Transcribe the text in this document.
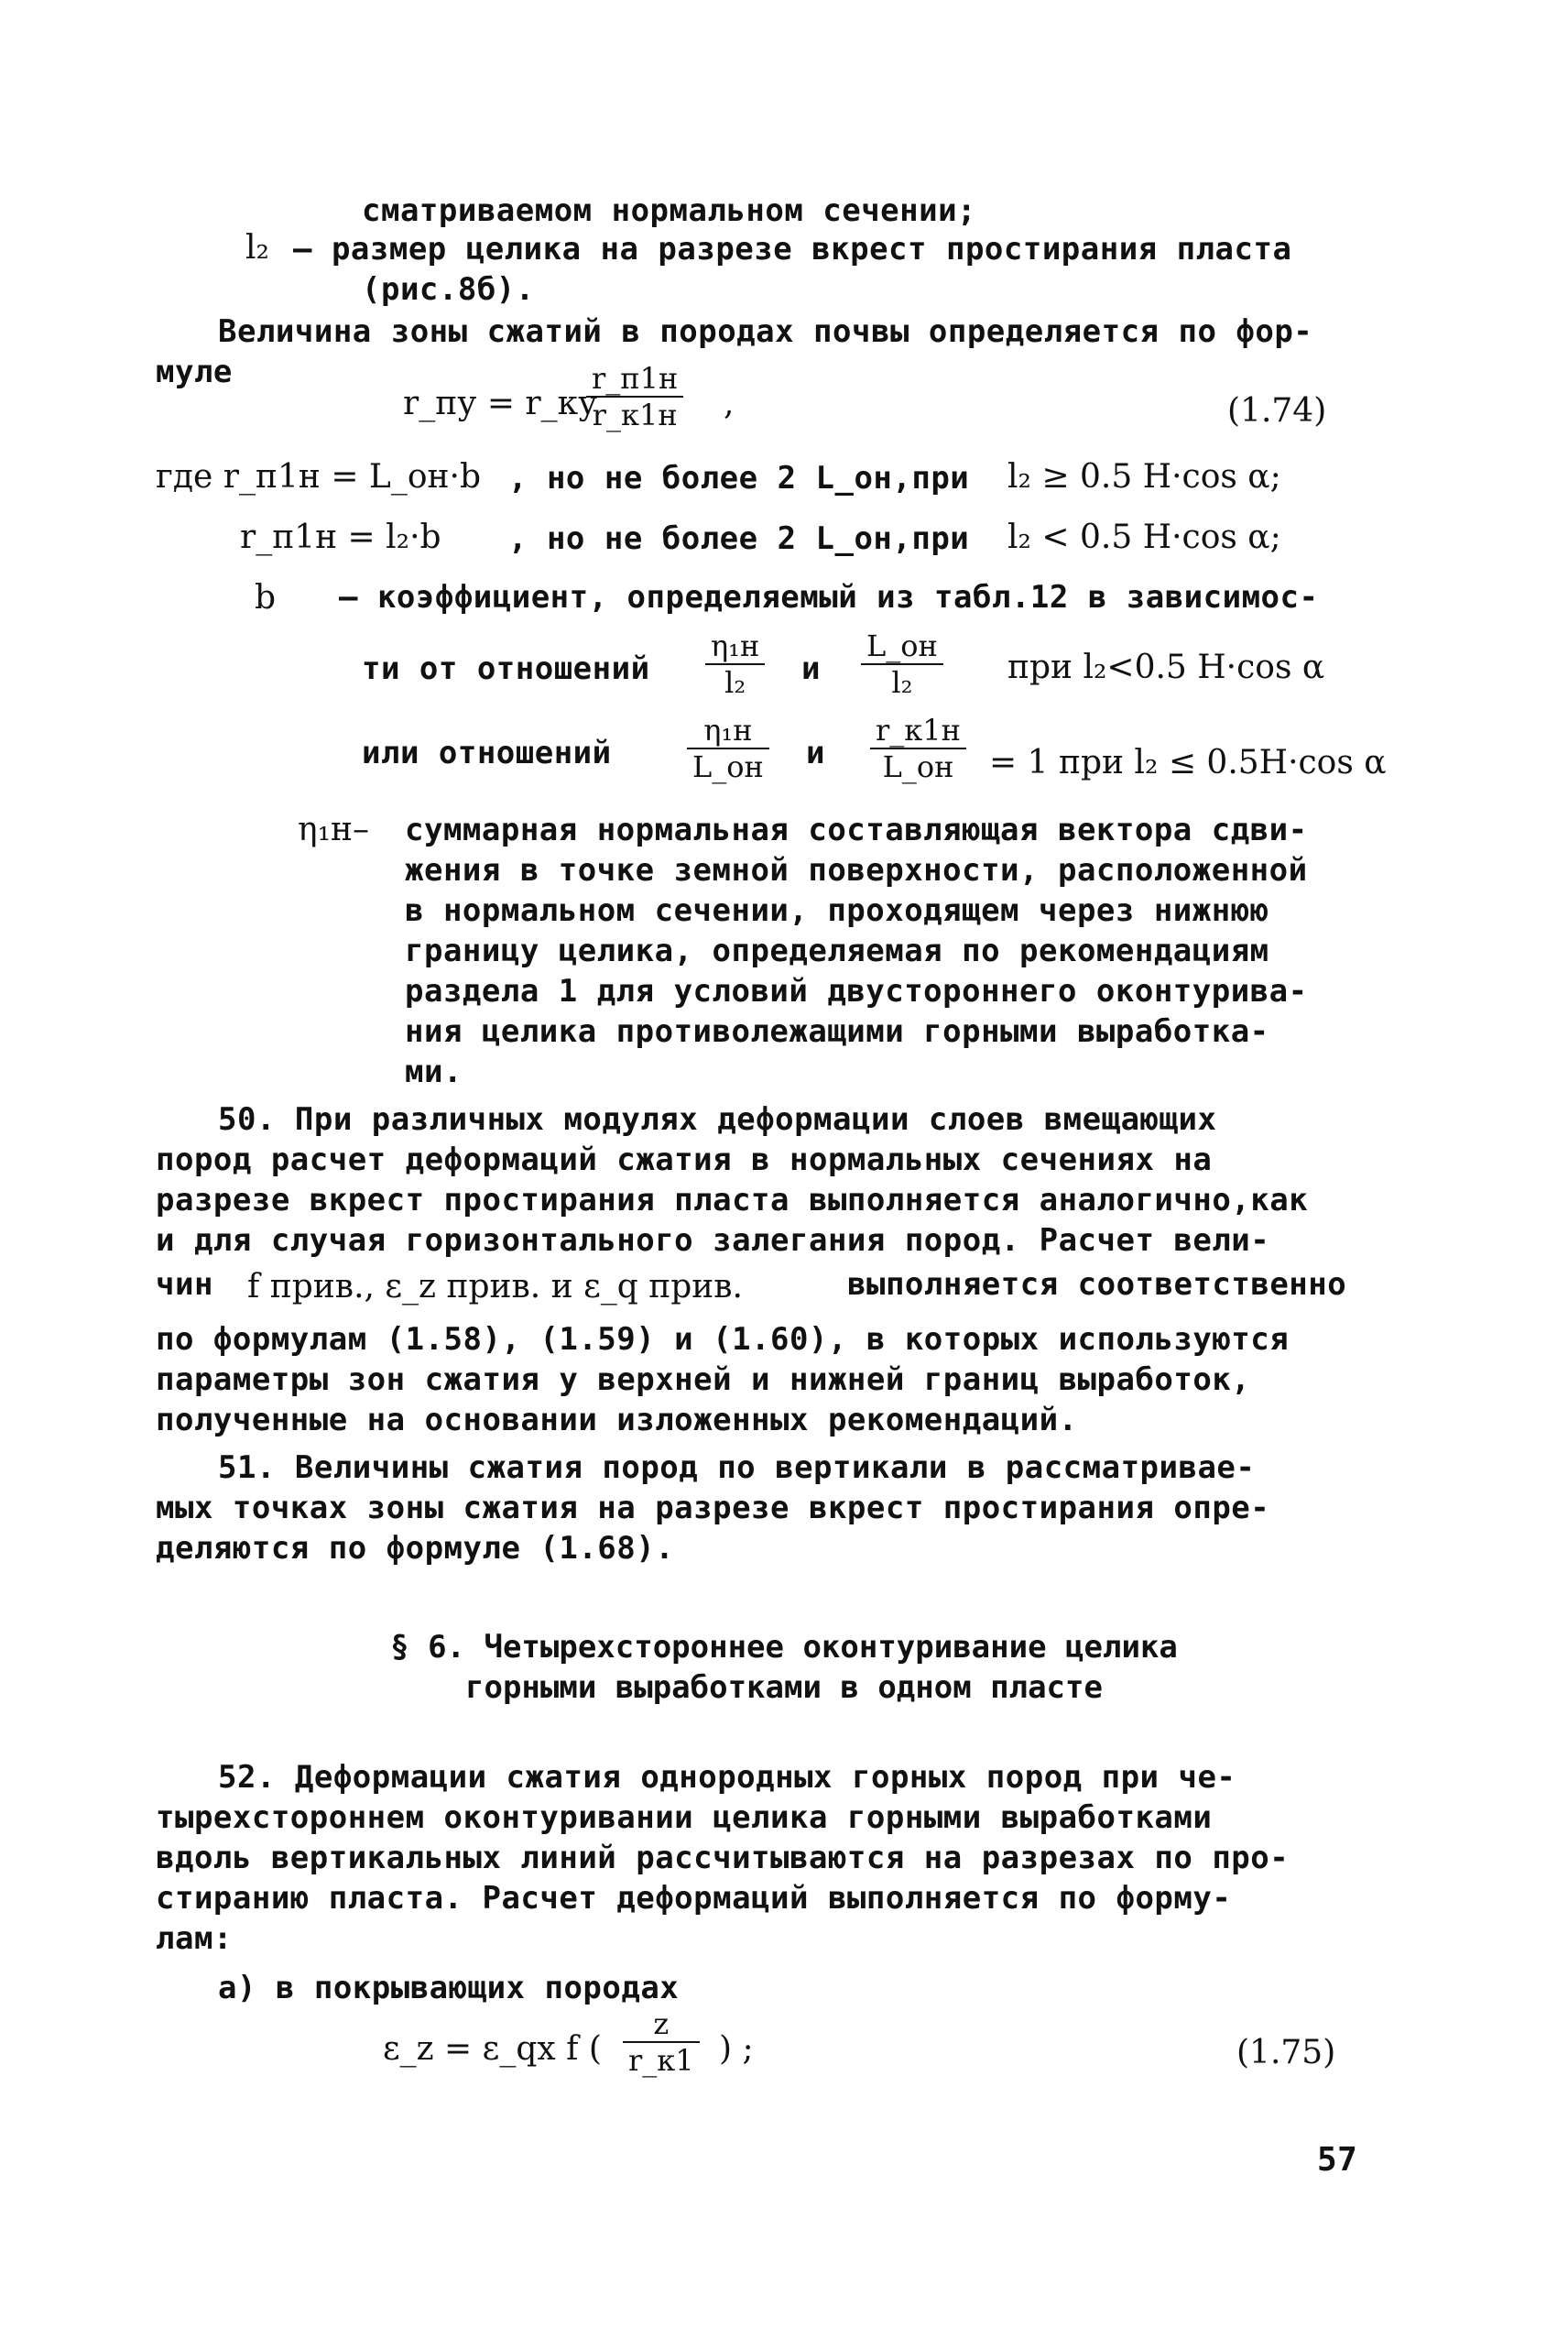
сматриваемом нормальном сечении;
l₂ – размер целика на разрезе вкрест простирания пласта
(рис.8б).
Величина зоны сжатий в породах почвы определяется по фор-
муле
r_пу = r_ку
r_п1н
r_к1н ,	(1.74)
где r_п1н = L_он·b , но не более 2 L_он,при l₂ ≥ 0.5 H·cos α;
r_п1н = l₂·b , но не более 2 L_он,при l₂ < 0.5 H·cos α;
b – коэффициент, определяемый из табл.12 в зависимос-
ти от отношений
η₁н
l₂	и
L_он
l₂	при l₂<0.5 H·cos α
или отношений
η₁н
L_он и
r_к1н
L_он	= 1 при l₂ ≤ 0.5H·cos α
η₁н– суммарная нормальная составляющая вектора сдви-
жения в точке земной поверхности, расположенной
в нормальном сечении, проходящем через нижнюю
границу целика, определяемая по рекомендациям
раздела 1 для условий двустороннего оконтурива-
ния целика противолежащими горными выработка-
ми.
50. При различных модулях деформации слоев вмещающих
пород расчет деформаций сжатия в нормальных сечениях на
разрезе вкрест простирания пласта выполняется аналогично,как
и для случая горизонтального залегания пород. Расчет вели-
чин f прив., ε_z прив. и ε_q прив.	выполняется соответственно
по формулам (1.58), (1.59) и (1.60), в которых используются
параметры зон сжатия у верхней и нижней границ выработок,
полученные на основании изложенных рекомендаций.
51. Величины сжатия пород по вертикали в рассматривае-
мых точках зоны сжатия на разрезе вкрест простирания опре-
деляются по формуле (1.68).
§ 6. Четырехстороннее оконтуривание целика
горными выработками в одном пласте
52. Деформации сжатия однородных горных пород при че-
тырехстороннем оконтуривании целика горными выработками
вдоль вертикальных линий рассчитываются на разрезах по про-
стиранию пласта. Расчет деформаций выполняется по форму-
лам:
а) в покрывающих породах
ε_z = ε_qx f (
z
r_к1 ) ;	(1.75)
57
